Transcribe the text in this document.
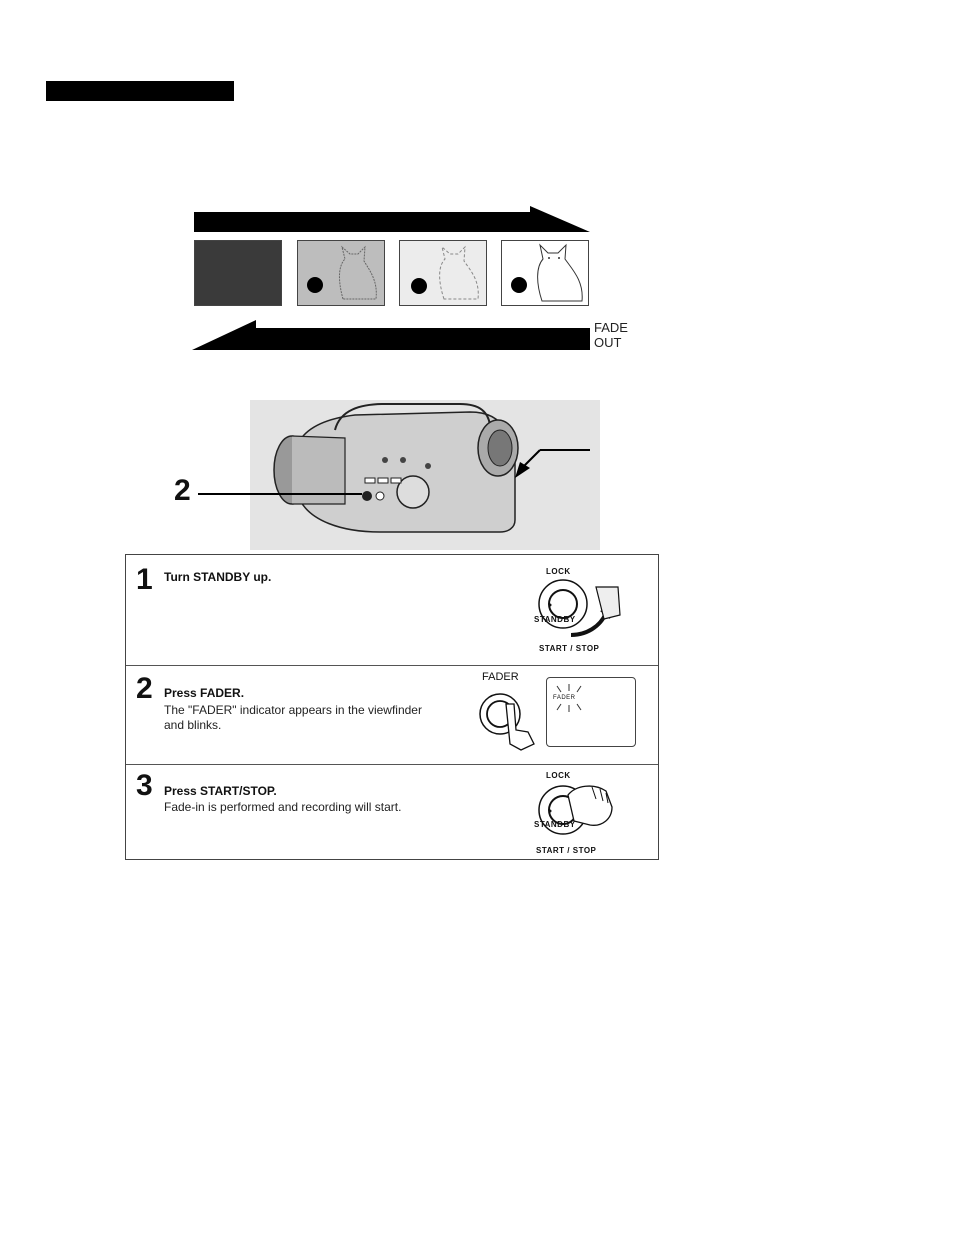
FADE
OUT
2
1 Turn STANDBY up.	LOCK
STANDBY
START / STOP
2 Press FADER.
The "FADER" indicator appears in the viewfinder and blinks.
FADER
FADER
3 Press START/STOP.
Fade-in is performed and recording will start.
LOCK
STANDBY
START / STOP
